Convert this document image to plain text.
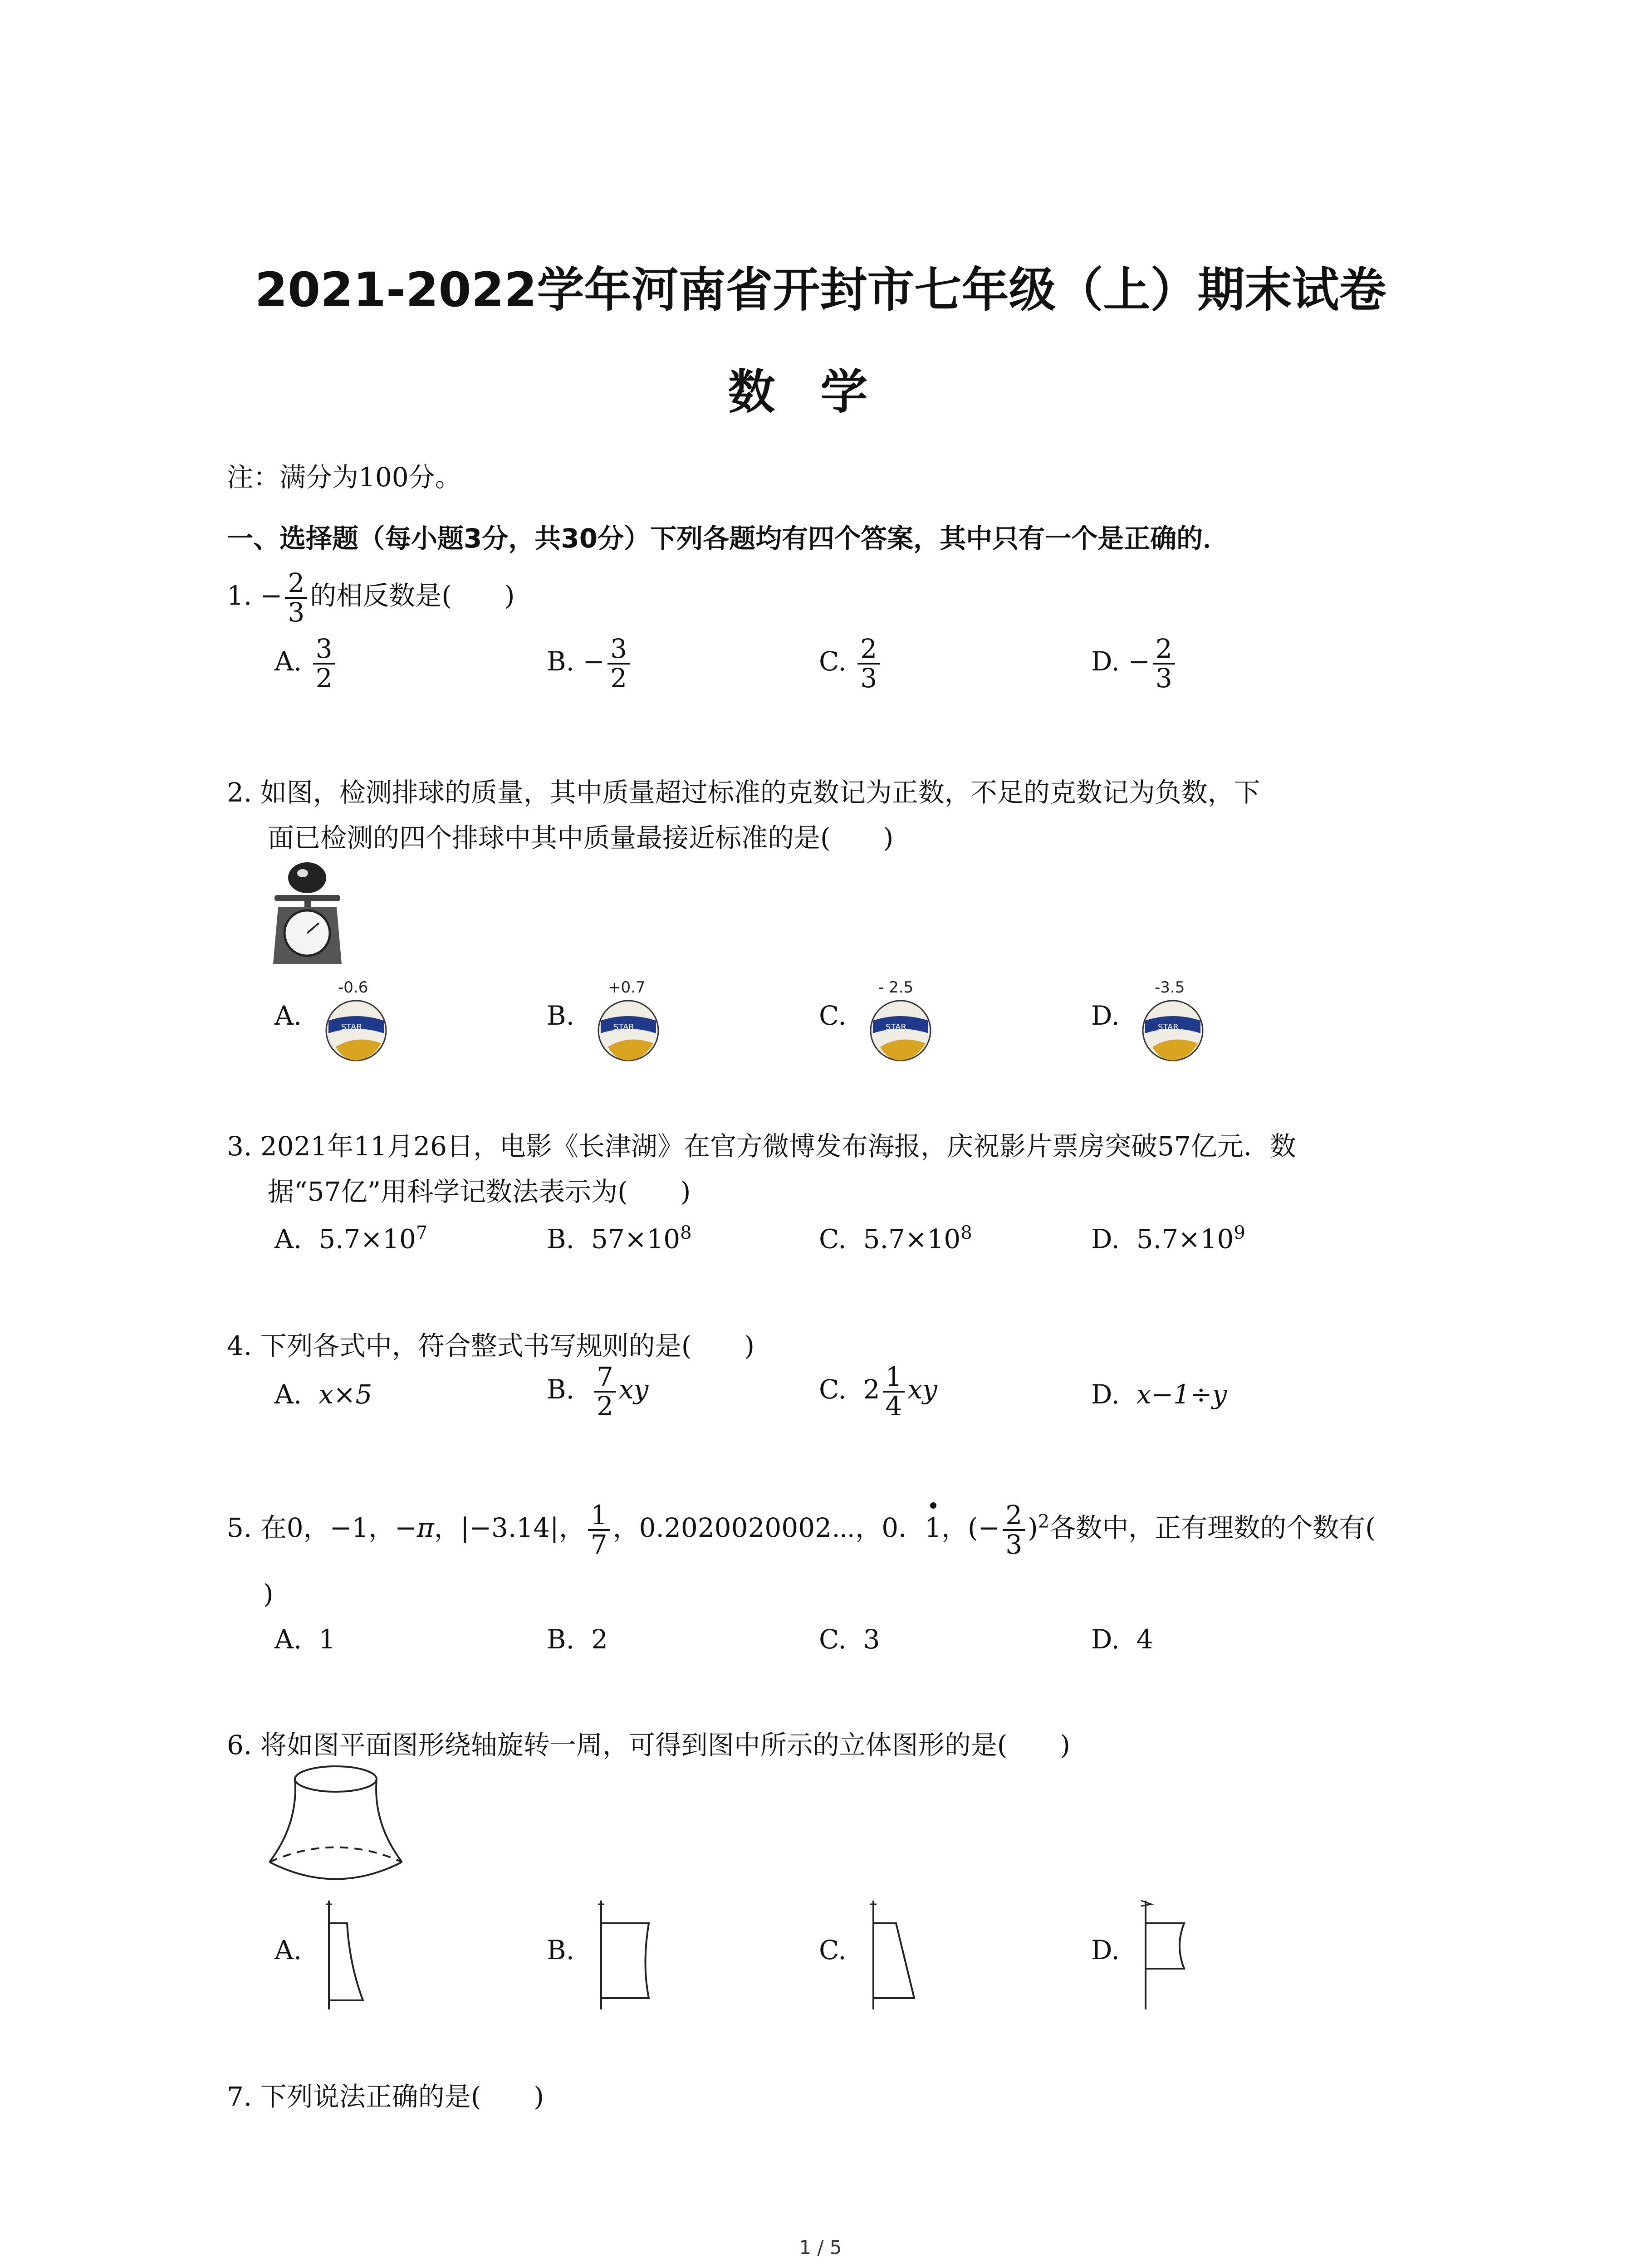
2021-2022学年河南省开封市七年级（上）期末试卷
数学
注：满分为100分。
一、选择题（每小题3分，共30分）下列各题均有四个答案，其中只有一个是正确的．
1. − $\frac{2}{3}$ 的相反数是(　　)
A. $\frac{3}{2}$	B. − $\frac{3}{2}$	C. $\frac{2}{3}$	D. − $\frac{2}{3}$
2. 如图，检测排球的质量，其中质量超过标准的克数记为正数，不足的克数记为负数，下
面已检测的四个排球中其中质量最接近标准的是(　　)
A.	B.	C.	D.
-0.6
STAR
+0.7
STAR
- 2.5
STAR
-3.5
STAR
3. 2021年11月26日，电影《长津湖》在官方微博发布海报，庆祝影片票房突破57亿元．数
据“57亿”用科学记数法表示为(　　)
A. $5.7\times 10^7$	B. $57\times 10^8$	C. $5.7\times 10^8$	D. $5.7\times 10^9$
4. 下列各式中，符合整式书写规则的是(　　)
A. x×5	B. $\frac{7}{2}$ xy	C. $2 \frac{1}{4}$ xy	D. x−1÷y
5. 在0，−1，−π，|−3.14|， $\frac{1}{7}$ ，0.2020020002⋯，0．1，(− $\frac{2}{3} )^2$各数中，正有理数的个数有(
)
A. 1	B. 2	C. 3	D. 4
6. 将如图平面图形绕轴旋转一周，可得到图中所示的立体图形的是(　　)
A.	B.	C.	D.
7. 下列说法正确的是(　　)
1 / 5
